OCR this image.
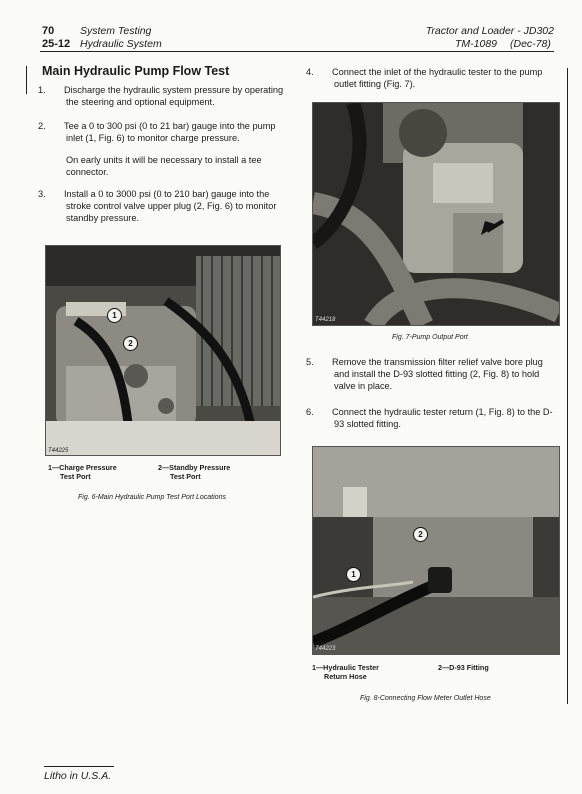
70
25-12
System Testing
Hydraulic System
Tractor and Loader - JD302
TM-1089 (Dec-78)
Main Hydraulic Pump Flow Test

1. Discharge the hydraulic system pressure by operating the steering and optional equipment.

2. Tee a 0 to 300 psi (0 to 21 bar) gauge into the pump inlet (1, Fig. 6) to monitor charge pressure.

On early units it will be necessary to install a tee connector.

3. Install a 0 to 3000 psi (0 to 210 bar) gauge into the stroke control valve upper plug (2, Fig. 6) to monitor standby pressure.

T44225
1
2
1—Charge Pressure
Test Port
2—Standby Pressure
Test Port
Fig. 6-Main Hydraulic Pump Test Port Locations

4. Connect the inlet of the hydraulic tester to the pump outlet fitting (Fig. 7).

T44218
Fig. 7-Pump Output Port

5. Remove the transmission filter relief valve bore plug and install the D-93 slotted fitting (2, Fig. 8) to hold valve in place.

6. Connect the hydraulic tester return (1, Fig. 8) to the D-93 slotted fitting.

T44223
1
2
1—Hydraulic Tester
Return Hose
2—D-93 Fitting
Fig. 8-Connecting Flow Meter Outlet Hose
Litho in U.S.A.
